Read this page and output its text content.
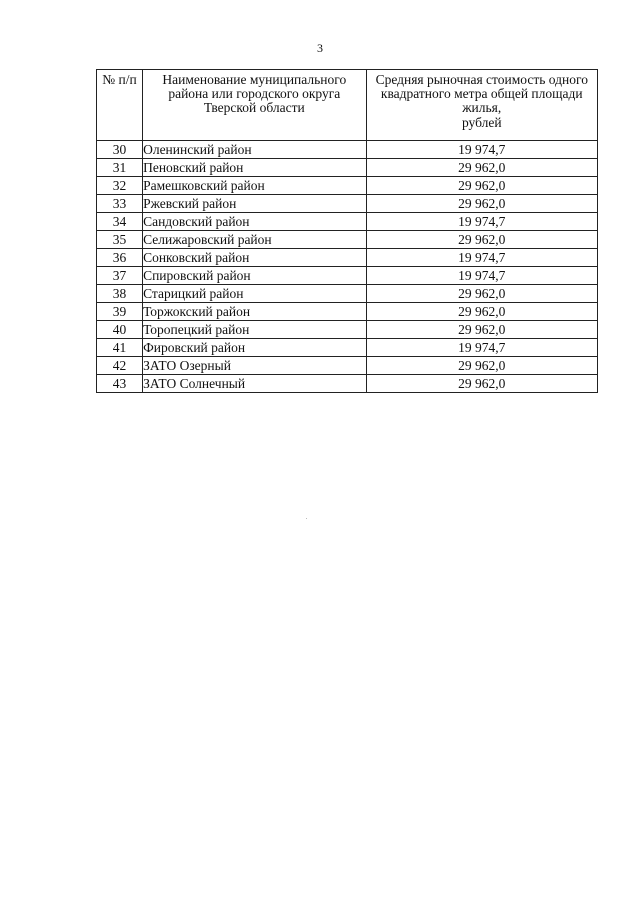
3
№ п/п	Наименование муниципального района или городского округа Тверской области	Средняя рыночная стоимость одного квадратного метра общей площади жилья,
рублей

30	Оленинский район	19 974,7
31	Пеновский район	29 962,0
32	Рамешковский район	29 962,0
33	Ржевский район	29 962,0
34	Сандовский район	19 974,7
35	Селижаровский район	29 962,0
36	Сонковский район	19 974,7
37	Спировский район	19 974,7
38	Старицкий район	29 962,0
39	Торжокский район	29 962,0
40	Торопецкий район	29 962,0
41	Фировский район	19 974,7
42	ЗАТО Озерный	29 962,0
43	ЗАТО Солнечный	29 962,0
